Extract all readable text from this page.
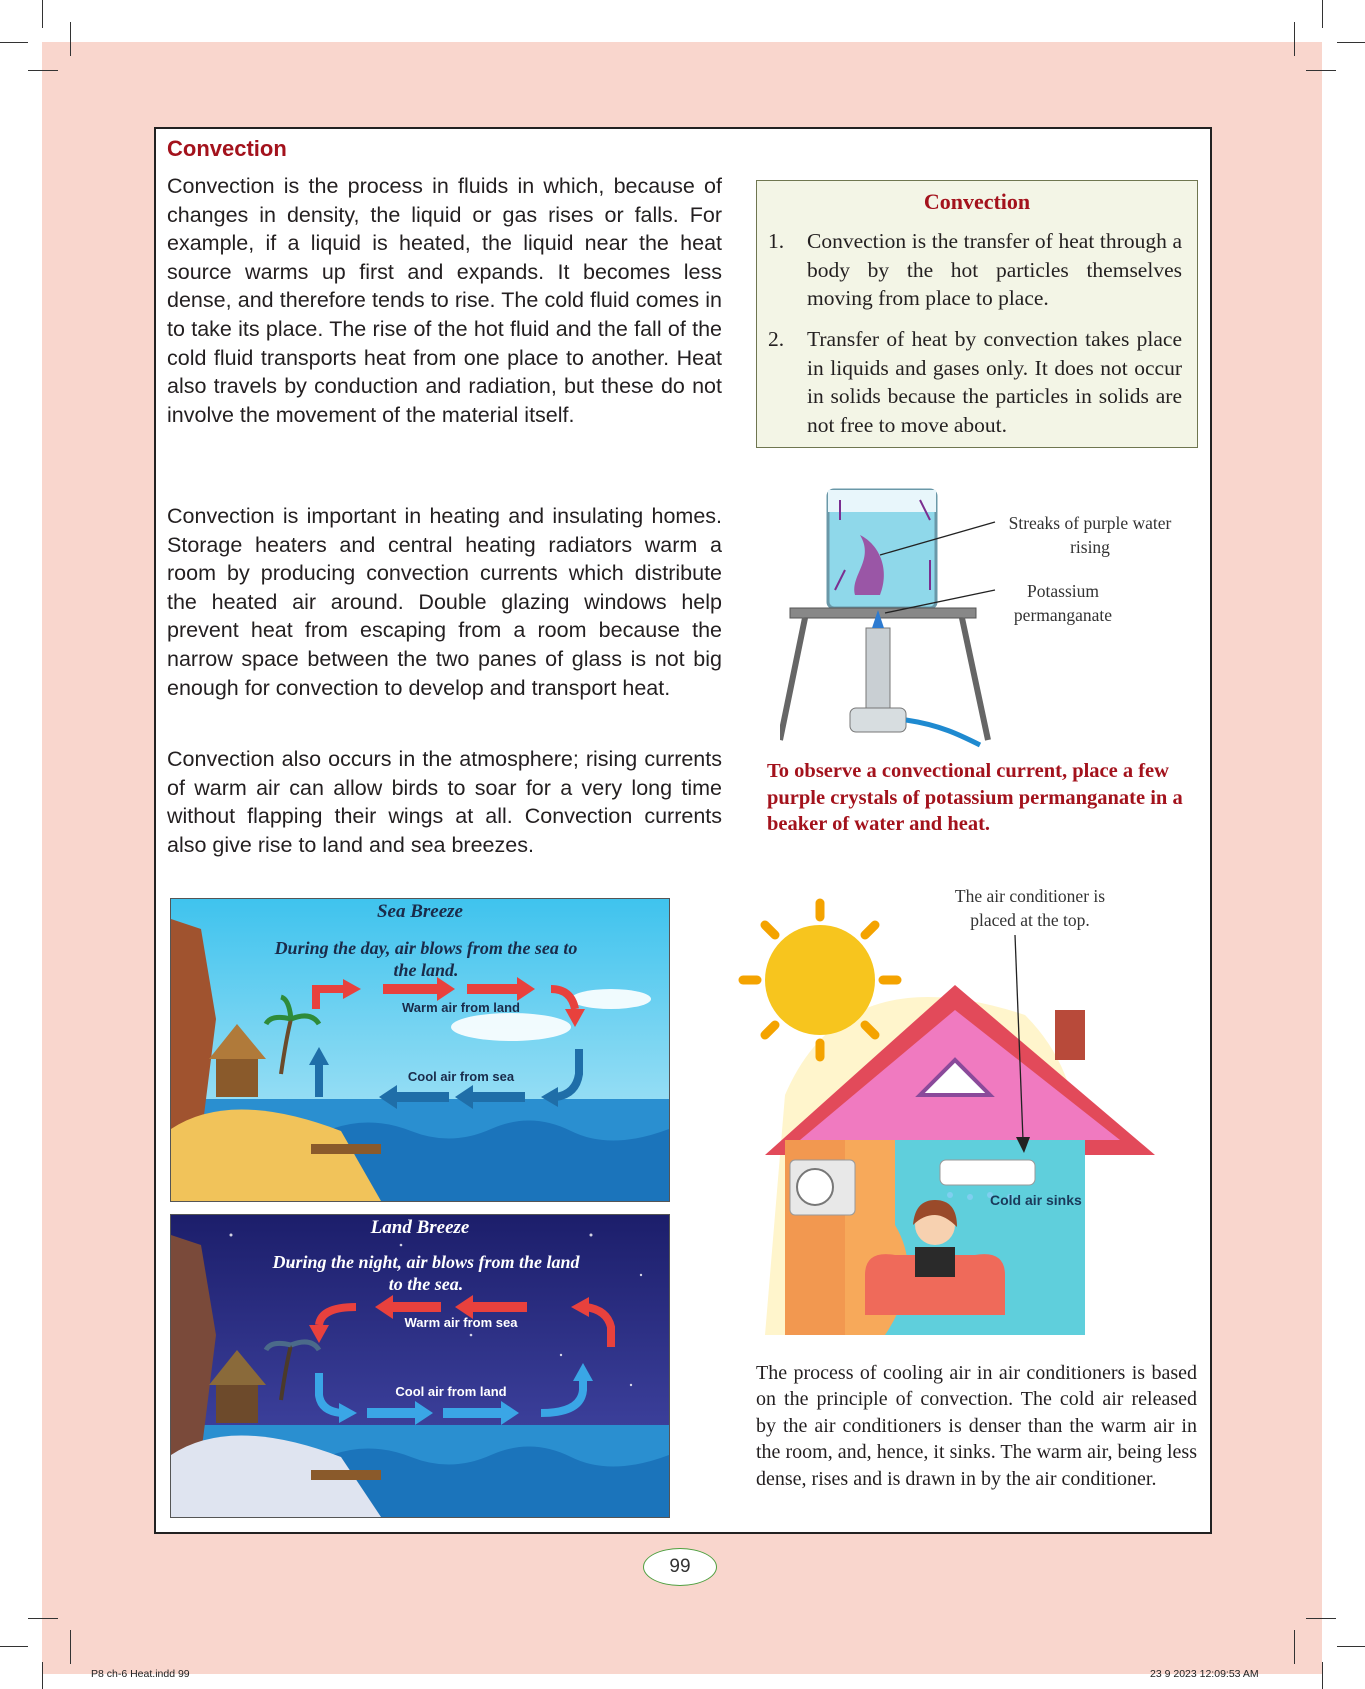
Convection

Convection is the process in fluids in which, because of changes in density, the liquid or gas rises or falls. For example, if a liquid is heated, the liquid near the heat source warms up first and expands. It becomes less dense, and therefore tends to rise. The cold fluid comes in to take its place. The rise of the hot fluid and the fall of the cold fluid transports heat from one place to another. Heat also travels by conduction and radiation, but these do not involve the movement of the material itself.

Convection is important in heating and insulating homes. Storage heaters and central heating radiators warm a room by producing convection currents which distribute the heated air around. Double glazing windows help prevent heat from escaping from a room because the narrow space between the two panes of glass is not big enough for convection to develop and transport heat.

Convection also occurs in the atmosphere; rising currents of warm air can allow birds to soar for a very long time without flapping their wings at all. Convection currents also give rise to land and sea breezes.

Convection
1. Convection is the transfer of heat through a body by the hot particles themselves moving from place to place.
2. Transfer of heat by convection takes place in liquids and gases only. It does not occur in solids because the particles in solids are not free to move about.
Streaks of purple water rising
Potassium permanganate

To observe a convectional current, place a few purple crystals of potassium permanganate in a beaker of water and heat.

Sea Breeze
During the day, air blows from the sea to the land.
Warm air from land
Cool air from sea
Land Breeze
During the night, air blows from the land to the sea.
Warm air from sea
Cool air from land
The air conditioner is placed at the top.
Cold air sinks

The process of cooling air in air conditioners is based on the principle of convection. The cold air released by the air conditioners is denser than the warm air in the room, and, hence, it sinks. The warm air, being less dense, rises and is drawn in by the air conditioner.

99
P8 ch-6 Heat.indd 99	23 9 2023 12:09:53 AM
